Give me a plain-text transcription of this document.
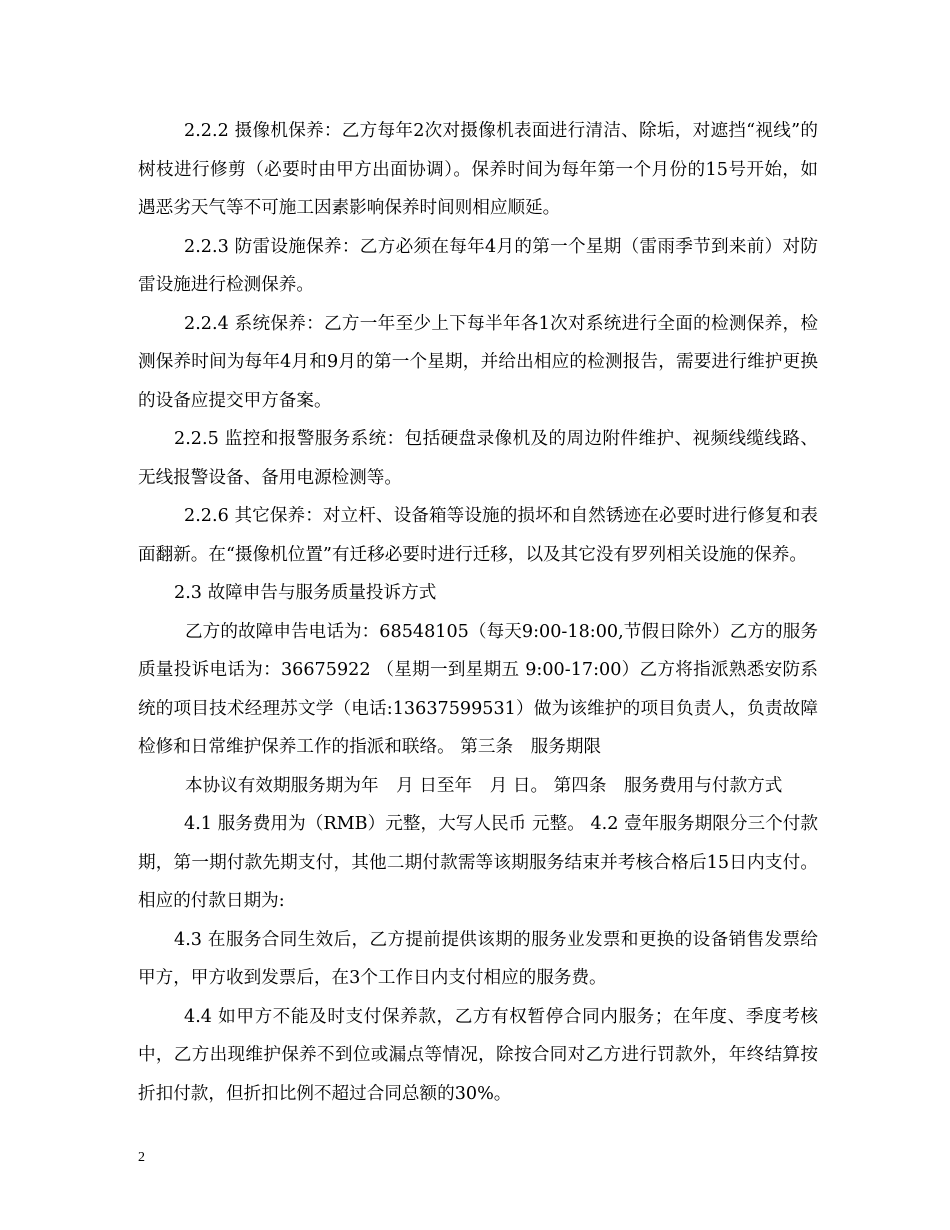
2.2.2 摄像机保养：乙方每年2次对摄像机表面进行清洁、除垢，对遮挡“视线”的树枝进行修剪（必要时由甲方出面协调）。保养时间为每年第一个月份的15号开始，如遇恶劣天气等不可施工因素影响保养时间则相应顺延。

2.2.3 防雷设施保养：乙方必须在每年4月的第一个星期（雷雨季节到来前）对防雷设施进行检测保养。

2.2.4 系统保养：乙方一年至少上下每半年各1次对系统进行全面的检测保养，检测保养时间为每年4月和9月的第一个星期，并给出相应的检测报告，需要进行维护更换的设备应提交甲方备案。

2.2.5 监控和报警服务系统：包括硬盘录像机及的周边附件维护、视频线缆线路、无线报警设备、备用电源检测等。

2.2.6 其它保养：对立杆、设备箱等设施的损坏和自然锈迹在必要时进行修复和表面翻新。在“摄像机位置”有迁移必要时进行迁移，以及其它没有罗列相关设施的保养。

2.3 故障申告与服务质量投诉方式

乙方的故障申告电话为：68548105（每天9:00-18:00,节假日除外）乙方的服务质量投诉电话为：36675922 （星期一到星期五 9:00-17:00）乙方将指派熟悉安防系统的项目技术经理苏文学（电话:13637599531）做为该维护的项目负责人，负责故障检修和日常维护保养工作的指派和联络。 第三条　服务期限

本协议有效期服务期为年　月 日至年　月 日。 第四条　服务费用与付款方式

4.1 服务费用为（RMB）元整，大写人民币 元整。 4.2 壹年服务期限分三个付款期，第一期付款先期支付，其他二期付款需等该期服务结束并考核合格后15日内支付。相应的付款日期为:

4.3 在服务合同生效后，乙方提前提供该期的服务业发票和更换的设备销售发票给甲方，甲方收到发票后，在3个工作日内支付相应的服务费。

4.4 如甲方不能及时支付保养款，乙方有权暂停合同内服务；在年度、季度考核中，乙方出现维护保养不到位或漏点等情况，除按合同对乙方进行罚款外，年终结算按折扣付款，但折扣比例不超过合同总额的30%。

2
